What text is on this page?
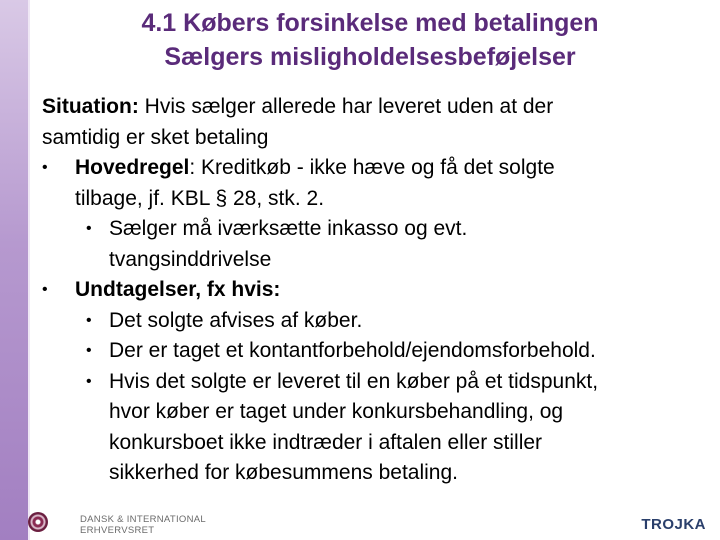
4.1 Købers forsinkelse med betalingen
Sælgers misligholdelsesbeføjelser
Situation: Hvis sælger allerede har leveret uden at der
samtidig er sket betaling
• Hovedregel: Kreditkøb - ikke hæve og få det solgte
tilbage, jf. KBL § 28, stk. 2.
• Sælger må iværksætte inkasso og evt.
tvangsinddrivelse
• Undtagelser, fx hvis:
• Det solgte afvises af køber.
• Der er taget et kontantforbehold/ejendomsforbehold.
• Hvis det solgte er leveret til en køber på et tidspunkt,
hvor køber er taget under konkursbehandling, og
konkursboet ikke indtræder i aftalen eller stiller
sikkerhed for købesummens betaling.
DANSK & INTERNATIONAL
ERHVERVSRET	TROJKA
